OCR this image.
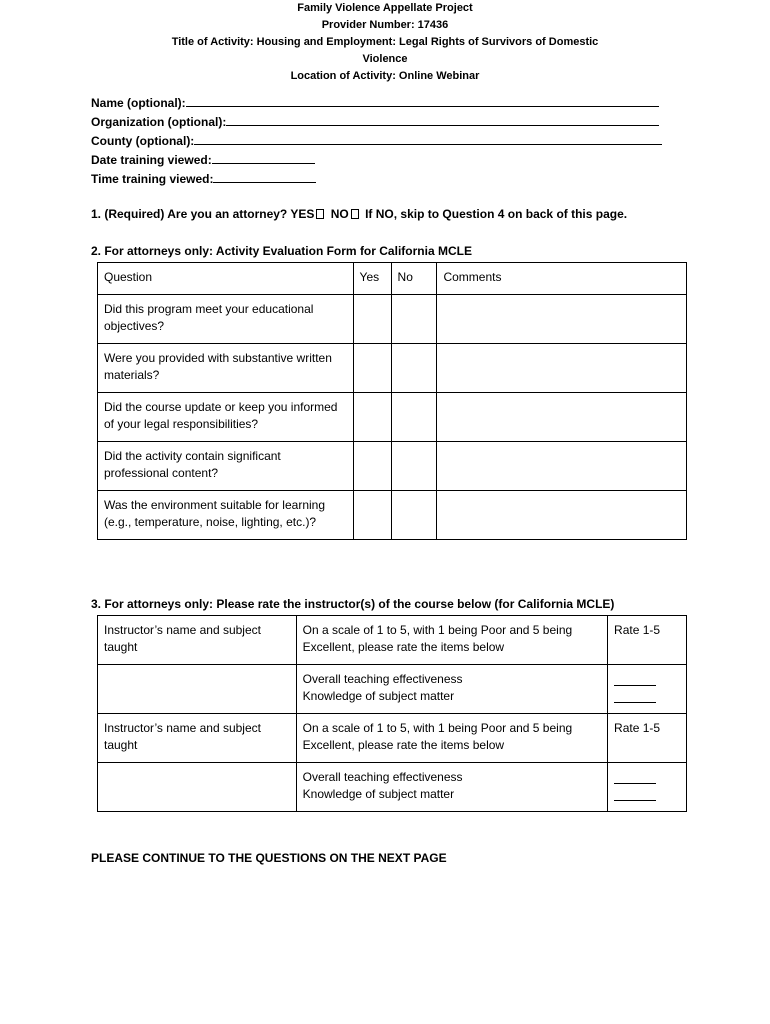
Family Violence Appellate Project
Provider Number: 17436
Title of Activity: Housing and Employment: Legal Rights of Survivors of Domestic
Violence
Location of Activity: Online Webinar
Name (optional):
Organization (optional):
County (optional):
Date training viewed:
Time training viewed:
1. (Required) Are you an attorney? YES NO If NO, skip to Question 4 on back of this page.
2. For attorneys only: Activity Evaluation Form for California MCLE
Question	Yes	No	Comments
Did this program meet your educational objectives?			
Were you provided with substantive written materials?			
Did the course update or keep you informed of your legal responsibilities?			
Did the activity contain significant professional content?			
Was the environment suitable for learning (e.g., temperature, noise, lighting, etc.)?			
3. For attorneys only: Please rate the instructor(s) of the course below (for California MCLE)
Instructor’s name and subject taught	On a scale of 1 to 5, with 1 being Poor and 5 being Excellent, please rate the items below	Rate 1-5

	Overall teaching effectiveness
Knowledge of subject matter	

Instructor’s name and subject taught	On a scale of 1 to 5, with 1 being Poor and 5 being Excellent, please rate the items below	Rate 1-5

	Overall teaching effectiveness
Knowledge of subject matter	

PLEASE CONTINUE TO THE QUESTIONS ON THE NEXT PAGE
